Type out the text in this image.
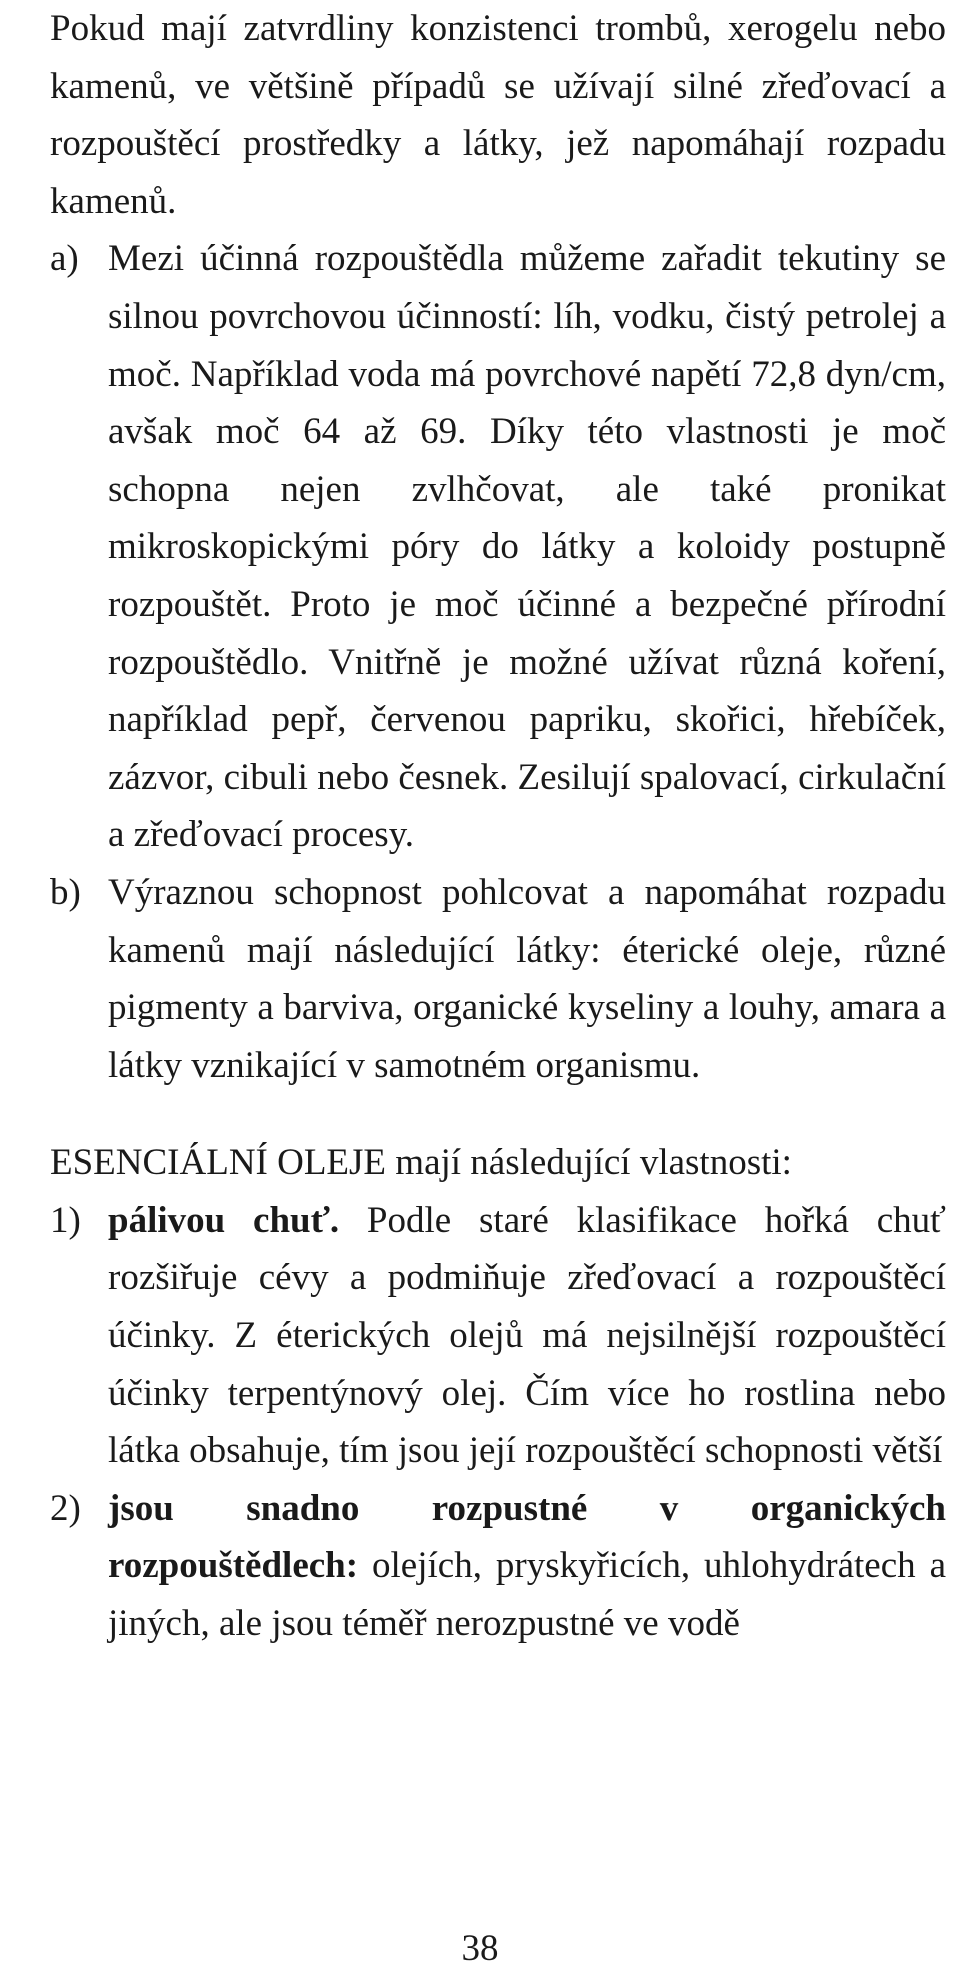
Pokud mají zatvrdliny konzistenci trombů, xerogelu nebo kamenů, ve většině případů se užívají silné zřeďovací a rozpouštěcí prostředky a látky, jež napomáhají rozpadu kamenů.

a) Mezi účinná rozpouštědla můžeme zařadit tekutiny se silnou povrchovou účinností: líh, vodku, čistý petrolej a moč. Například voda má povrchové napětí 72,8 dyn/cm, avšak moč 64 až 69. Díky této vlastnosti je moč schopna nejen zvlhčovat, ale také pronikat mikroskopickými póry do látky a koloidy postupně rozpouštět. Proto je moč účinné a bezpečné přírodní rozpouštědlo. Vnitřně je možné užívat různá koření, například pepř, červenou papriku, skořici, hřebíček, zázvor, cibuli nebo česnek. Zesilují spalovací, cirkulační a zřeďovací procesy.
b) Výraznou schopnost pohlcovat a napomáhat rozpadu kamenů mají následující látky: éterické oleje, různé pigmenty a barviva, organické kyseliny a louhy, amara a látky vznikající v samotném organismu.

ESENCIÁLNÍ OLEJE mají následující vlastnosti:

1) pálivou chuť. Podle staré klasifikace hořká chuť rozšiřuje cévy a podmiňuje zřeďovací a rozpouštěcí účinky. Z éterických olejů má nejsilnější rozpouštěcí účinky terpentýnový olej. Čím více ho rostlina nebo látka obsahuje, tím jsou její rozpouštěcí schopnosti větší
2) jsou snadno rozpustné v organických rozpouštědlech: olejích, pryskyřicích, uhlohydrátech a jiných, ale jsou téměř nerozpustné ve vodě
38
